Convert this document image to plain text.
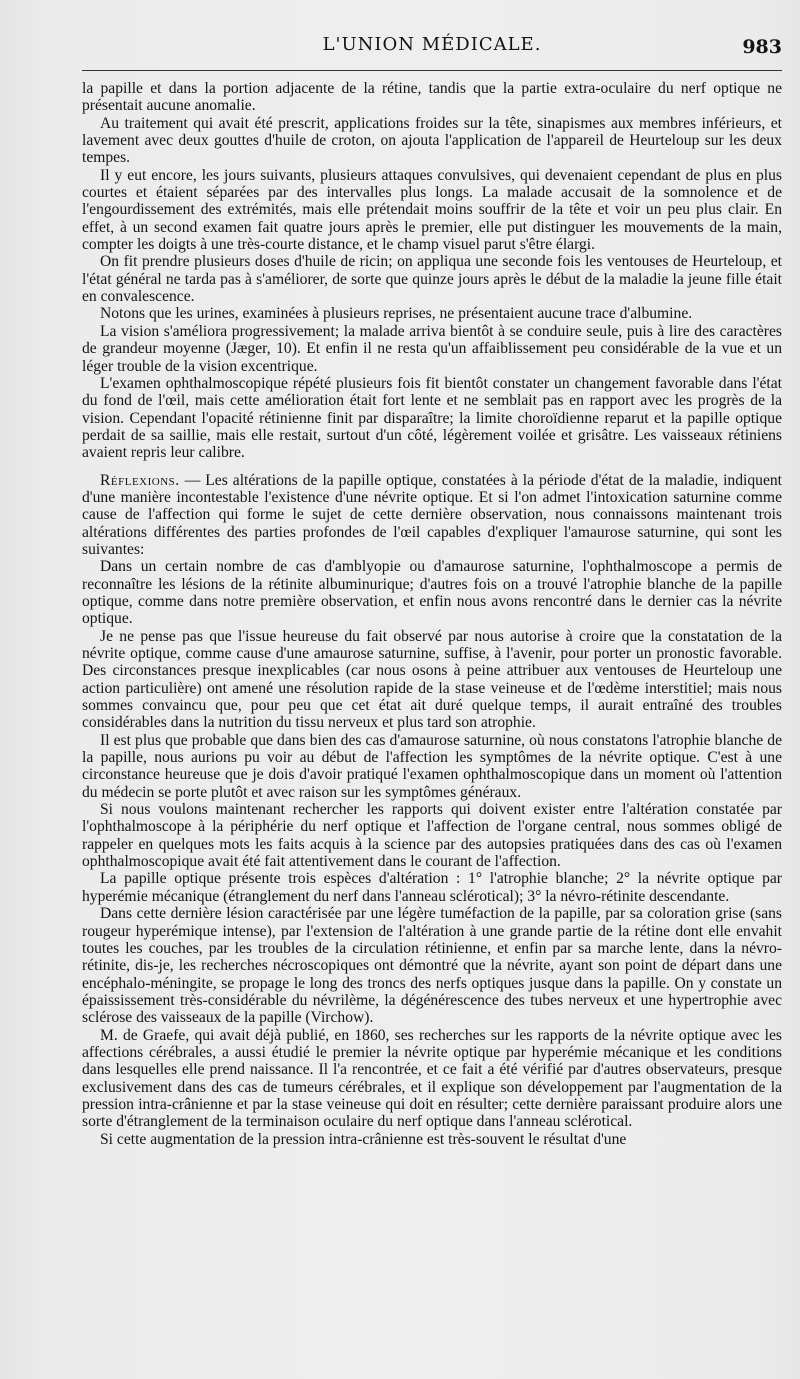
L'UNION MÉDICALE.	983

la papille et dans la portion adjacente de la rétine, tandis que la partie extra-oculaire du nerf optique ne présentait aucune anomalie.

Au traitement qui avait été prescrit, applications froides sur la tête, sinapismes aux membres inférieurs, et lavement avec deux gouttes d'huile de croton, on ajouta l'application de l'appareil de Heurteloup sur les deux tempes.

Il y eut encore, les jours suivants, plusieurs attaques convulsives, qui devenaient cependant de plus en plus courtes et étaient séparées par des intervalles plus longs. La malade accusait de la somnolence et de l'engourdissement des extrémités, mais elle prétendait moins souffrir de la tête et voir un peu plus clair. En effet, à un second examen fait quatre jours après le premier, elle put distinguer les mouvements de la main, compter les doigts à une très-courte distance, et le champ visuel parut s'être élargi.

On fit prendre plusieurs doses d'huile de ricin; on appliqua une seconde fois les ventouses de Heurteloup, et l'état général ne tarda pas à s'améliorer, de sorte que quinze jours après le début de la maladie la jeune fille était en convalescence.

Notons que les urines, examinées à plusieurs reprises, ne présentaient aucune trace d'albumine.

La vision s'améliora progressivement; la malade arriva bientôt à se conduire seule, puis à lire des caractères de grandeur moyenne (Jæger, 10). Et enfin il ne resta qu'un affaiblissement peu considérable de la vue et un léger trouble de la vision excentrique.

L'examen ophthalmoscopique répété plusieurs fois fit bientôt constater un changement favorable dans l'état du fond de l'œil, mais cette amélioration était fort lente et ne semblait pas en rapport avec les progrès de la vision. Cependant l'opacité rétinienne finit par disparaître; la limite choroïdienne reparut et la papille optique perdait de sa saillie, mais elle restait, surtout d'un côté, légèrement voilée et grisâtre. Les vaisseaux rétiniens avaient repris leur calibre.

Réflexions. — Les altérations de la papille optique, constatées à la période d'état de la maladie, indiquent d'une manière incontestable l'existence d'une névrite optique. Et si l'on admet l'intoxication saturnine comme cause de l'affection qui forme le sujet de cette dernière observation, nous connaissons maintenant trois altérations différentes des parties profondes de l'œil capables d'expliquer l'amaurose saturnine, qui sont les suivantes:

Dans un certain nombre de cas d'amblyopie ou d'amaurose saturnine, l'ophthalmoscope a permis de reconnaître les lésions de la rétinite albuminurique; d'autres fois on a trouvé l'atrophie blanche de la papille optique, comme dans notre première observation, et enfin nous avons rencontré dans le dernier cas la névrite optique.

Je ne pense pas que l'issue heureuse du fait observé par nous autorise à croire que la constatation de la névrite optique, comme cause d'une amaurose saturnine, suffise, à l'avenir, pour porter un pronostic favorable. Des circonstances presque inexplicables (car nous osons à peine attribuer aux ventouses de Heurteloup une action particulière) ont amené une résolution rapide de la stase veineuse et de l'œdème interstitiel; mais nous sommes convaincu que, pour peu que cet état ait duré quelque temps, il aurait entraîné des troubles considérables dans la nutrition du tissu nerveux et plus tard son atrophie.

Il est plus que probable que dans bien des cas d'amaurose saturnine, où nous constatons l'atrophie blanche de la papille, nous aurions pu voir au début de l'affection les symptômes de la névrite optique. C'est à une circonstance heureuse que je dois d'avoir pratiqué l'examen ophthalmoscopique dans un moment où l'attention du médecin se porte plutôt et avec raison sur les symptômes généraux.

Si nous voulons maintenant rechercher les rapports qui doivent exister entre l'altération constatée par l'ophthalmoscope à la périphérie du nerf optique et l'affection de l'organe central, nous sommes obligé de rappeler en quelques mots les faits acquis à la science par des autopsies pratiquées dans des cas où l'examen ophthalmoscopique avait été fait attentivement dans le courant de l'affection.

La papille optique présente trois espèces d'altération : 1° l'atrophie blanche; 2° la névrite optique par hyperémie mécanique (étranglement du nerf dans l'anneau sclérotical); 3° la névro-rétinite descendante.

Dans cette dernière lésion caractérisée par une légère tuméfaction de la papille, par sa coloration grise (sans rougeur hyperémique intense), par l'extension de l'altération à une grande partie de la rétine dont elle envahit toutes les couches, par les troubles de la circulation rétinienne, et enfin par sa marche lente, dans la névro-rétinite, dis-je, les recherches nécroscopiques ont démontré que la névrite, ayant son point de départ dans une encéphalo-méningite, se propage le long des troncs des nerfs optiques jusque dans la papille. On y constate un épaississement très-considérable du névrilème, la dégénérescence des tubes nerveux et une hypertrophie avec sclérose des vaisseaux de la papille (Virchow).

M. de Graefe, qui avait déjà publié, en 1860, ses recherches sur les rapports de la névrite optique avec les affections cérébrales, a aussi étudié le premier la névrite optique par hyperémie mécanique et les conditions dans lesquelles elle prend naissance. Il l'a rencontrée, et ce fait a été vérifié par d'autres observateurs, presque exclusivement dans des cas de tumeurs cérébrales, et il explique son développement par l'augmentation de la pression intra-crânienne et par la stase veineuse qui doit en résulter; cette dernière paraissant produire alors une sorte d'étranglement de la terminaison oculaire du nerf optique dans l'anneau sclérotical.

Si cette augmentation de la pression intra-crânienne est très-souvent le résultat d'une
